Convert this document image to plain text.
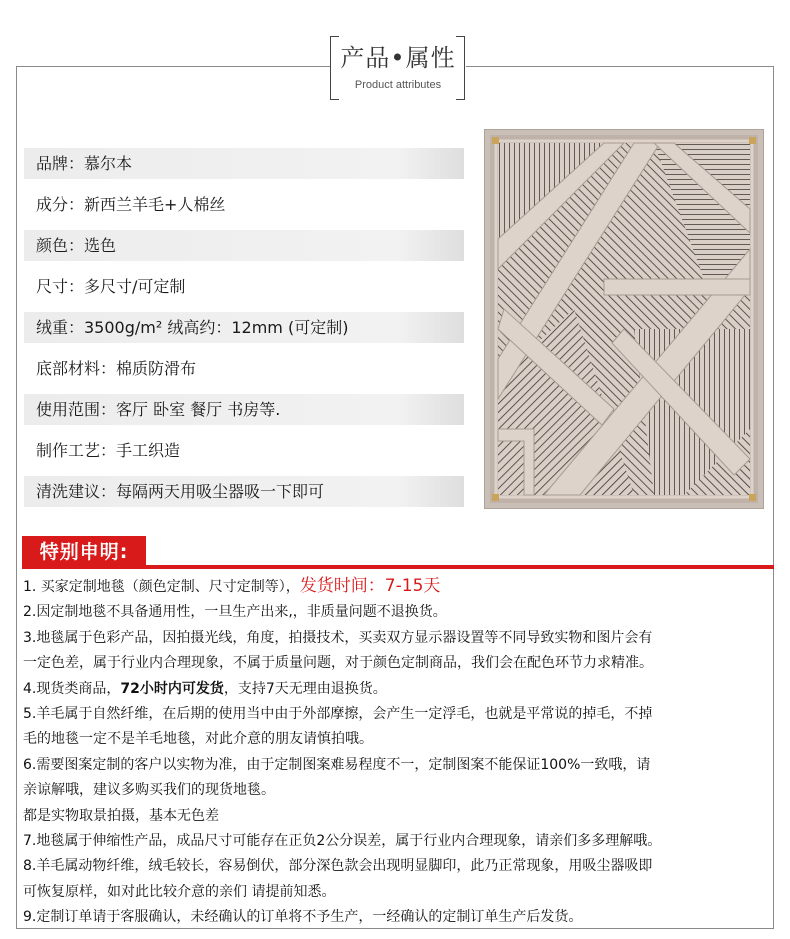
产品•属性
Product attributes
品牌：慕尔本
成分：新西兰羊毛+人棉丝
颜色：选色
尺寸：多尺寸/可定制
绒重：3500g/m² 绒高约：12mm (可定制)
底部材料：棉质防滑布
使用范围：客厅 卧室 餐厅 书房等.
制作工艺：手工织造
清洗建议：每隔两天用吸尘器吸一下即可
特别申明:

1. 买家定制地毯（颜色定制、尺寸定制等），发货时间：7-15天

2.因定制地毯不具备通用性，一旦生产出来,，非质量问题不退换货。

3.地毯属于色彩产品，因拍摄光线，角度，拍摄技术，买卖双方显示器设置等不同导致实物和图片会有

一定色差，属于行业内合理现象，不属于质量问题，对于颜色定制商品，我们会在配色环节力求精准。

4.现货类商品，72小时内可发货，支持7天无理由退换货。

5.羊毛属于自然纤维，在后期的使用当中由于外部摩擦，会产生一定浮毛，也就是平常说的掉毛，不掉

毛的地毯一定不是羊毛地毯，对此介意的朋友请慎拍哦。

6.需要图案定制的客户以实物为准，由于定制图案难易程度不一，定制图案不能保证100%一致哦，请

亲谅解哦，建议多购买我们的现货地毯。

都是实物取景拍摄，基本无色差

7.地毯属于伸缩性产品，成品尺寸可能存在正负2公分误差，属于行业内合理现象，请亲们多多理解哦。

8.羊毛属动物纤维，绒毛较长，容易倒伏，部分深色款会出现明显脚印，此乃正常现象，用吸尘器吸即

可恢复原样，如对此比较介意的亲们 请提前知悉。

9.定制订单请于客服确认，未经确认的订单将不予生产，一经确认的定制订单生产后发货。
